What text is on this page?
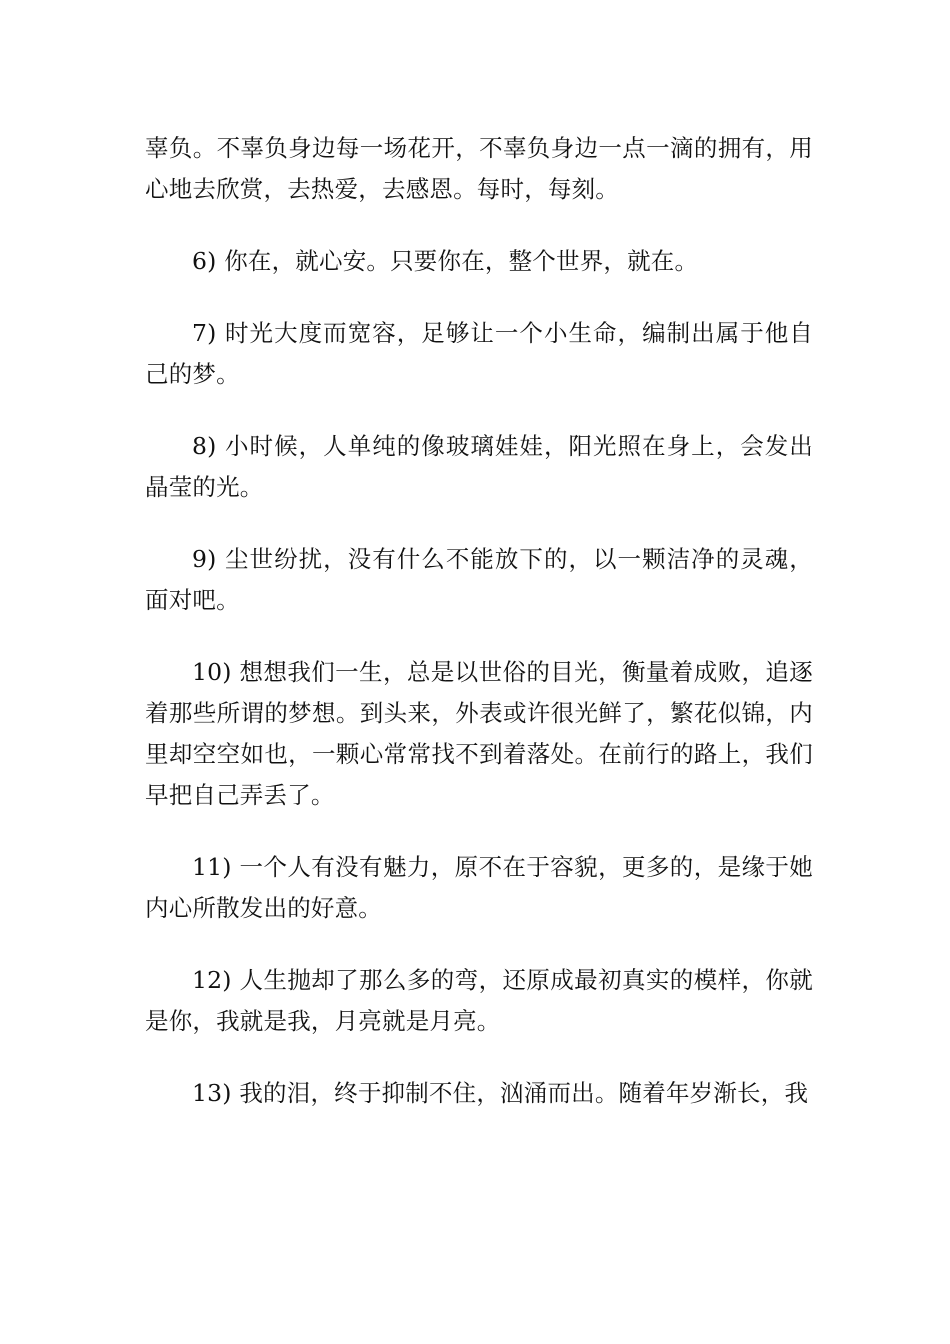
辜负。不辜负身边每一场花开，不辜负身边一点一滴的拥有，用心地去欣赏，去热爱，去感恩。每时，每刻。

6) 你在，就心安。只要你在，整个世界，就在。

7) 时光大度而宽容，足够让一个小生命，编制出属于他自己的梦。

8) 小时候，人单纯的像玻璃娃娃，阳光照在身上，会发出晶莹的光。

9) 尘世纷扰，没有什么不能放下的，以一颗洁净的灵魂，面对吧。

10) 想想我们一生，总是以世俗的目光，衡量着成败，追逐着那些所谓的梦想。到头来，外表或许很光鲜了，繁花似锦，内里却空空如也，一颗心常常找不到着落处。在前行的路上，我们早把自己弄丢了。

11) 一个人有没有魅力，原不在于容貌，更多的，是缘于她内心所散发出的好意。

12) 人生抛却了那么多的弯，还原成最初真实的模样，你就是你，我就是我，月亮就是月亮。

13) 我的泪，终于抑制不住，汹涌而出。随着年岁渐长，我
